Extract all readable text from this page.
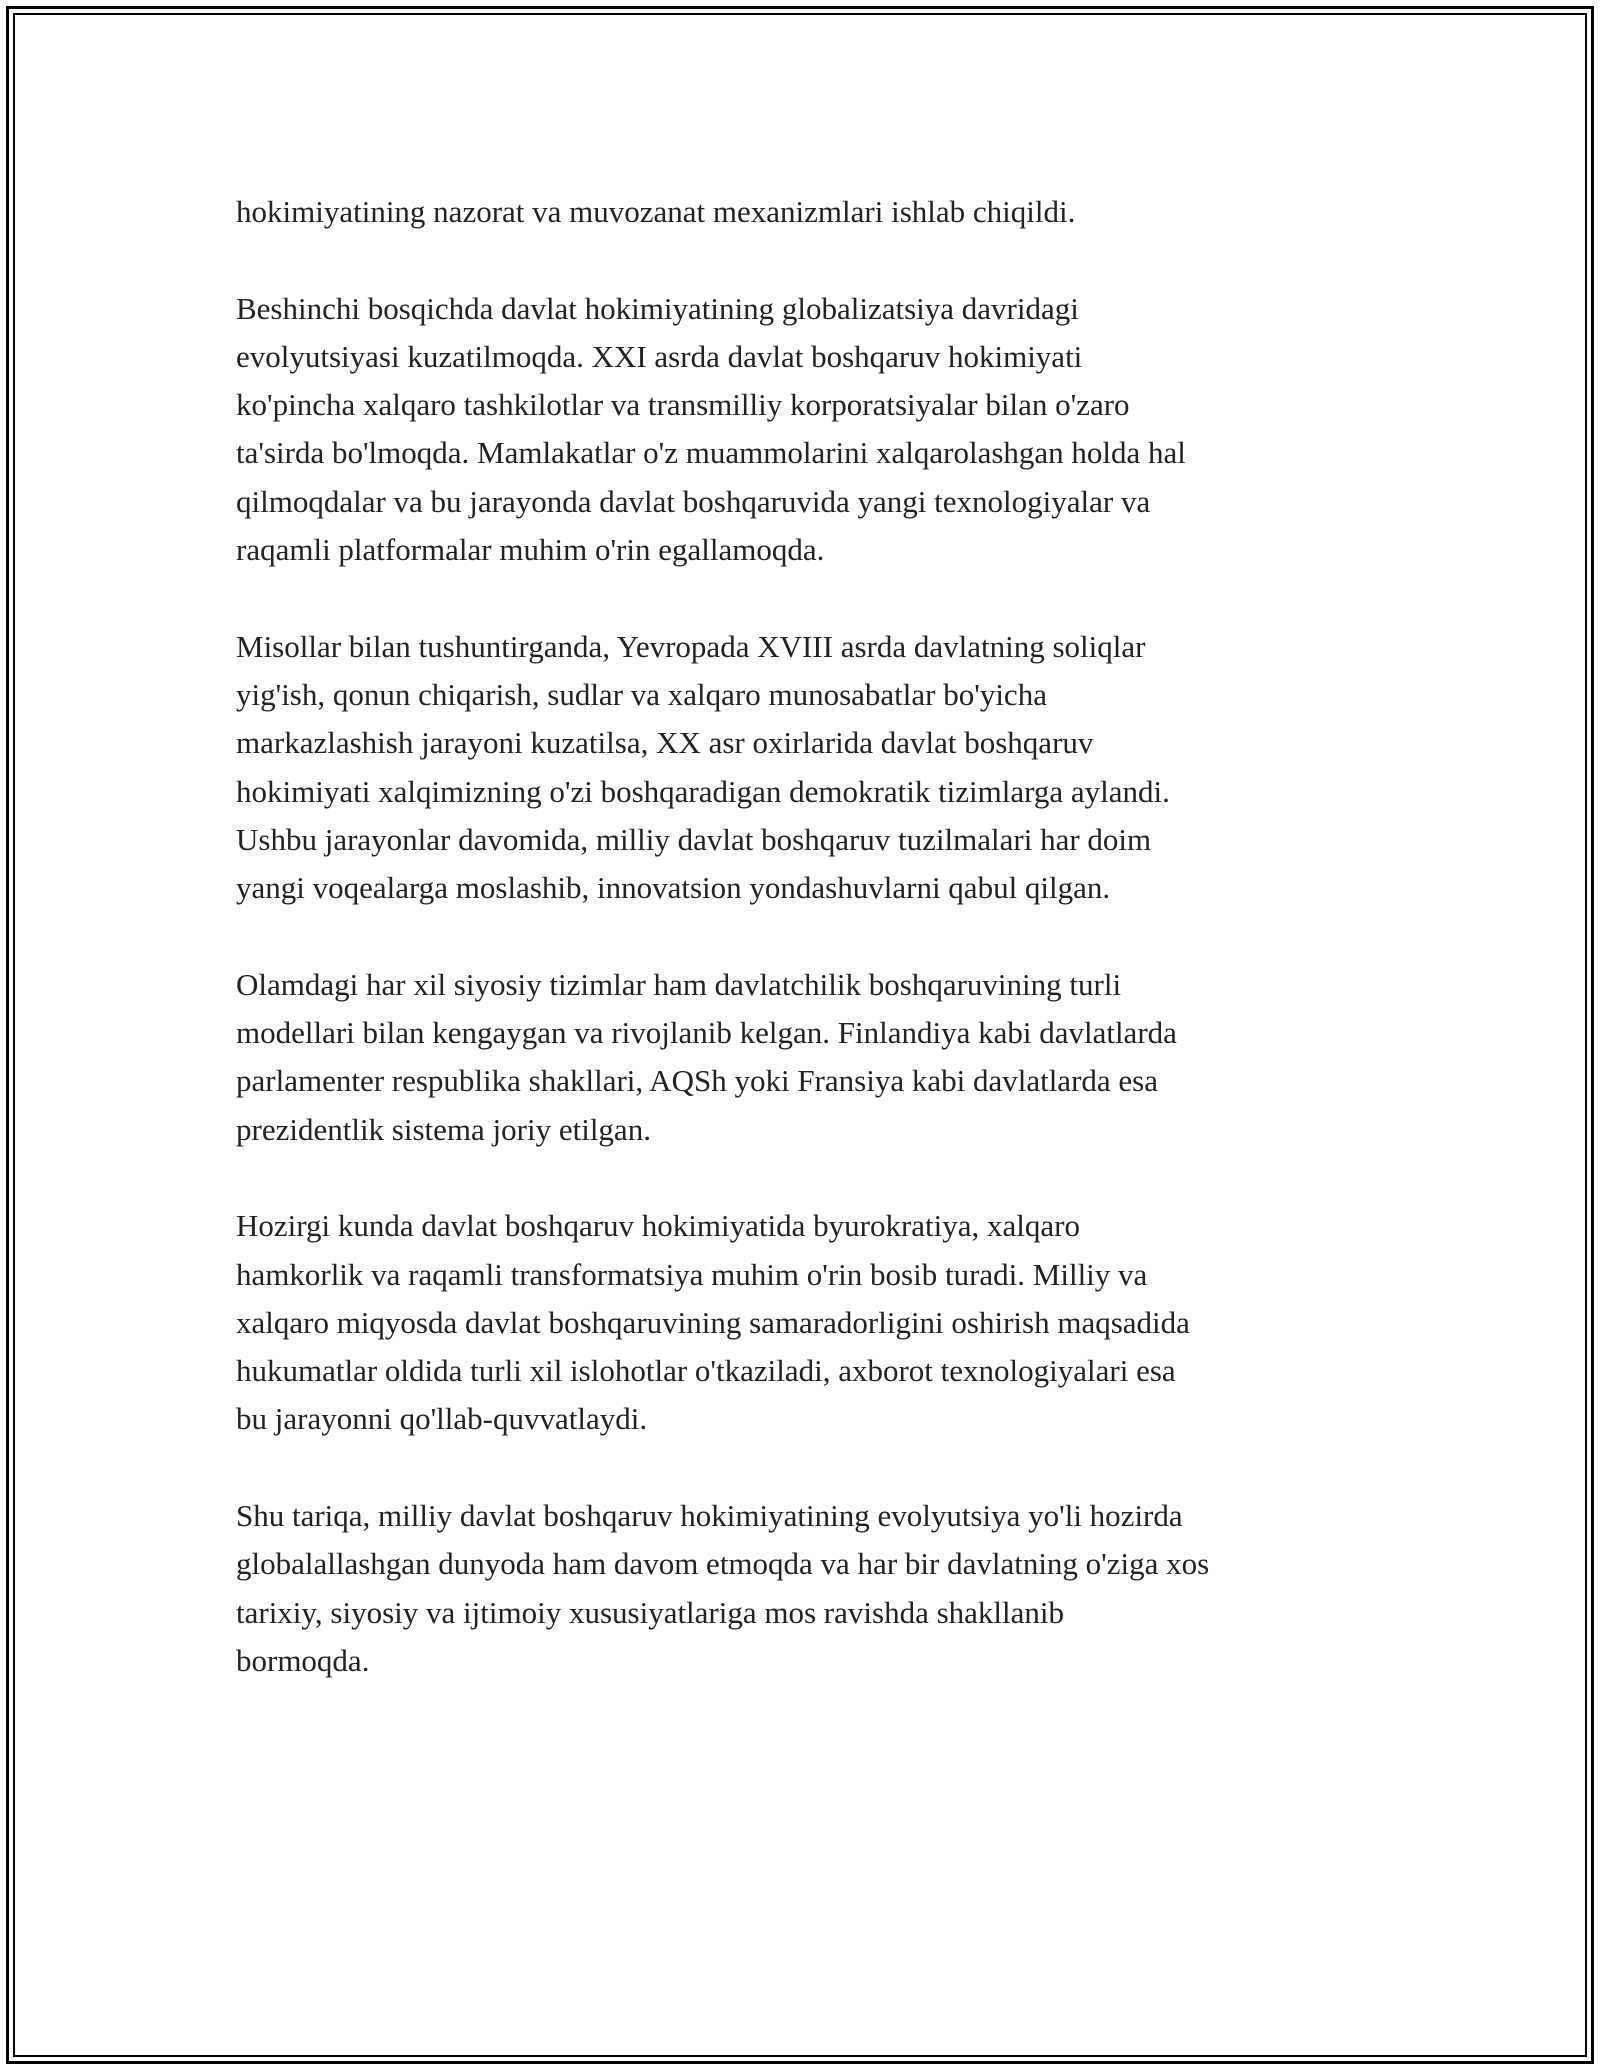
hokimiyatining nazorat va muvozanat mexanizmlari ishlab chiqildi.

Beshinchi bosqichda davlat hokimiyatining globalizatsiya davridagi
evolyutsiyasi kuzatilmoqda. XXI asrda davlat boshqaruv hokimiyati
ko'pincha xalqaro tashkilotlar va transmilliy korporatsiyalar bilan o'zaro
ta'sirda bo'lmoqda. Mamlakatlar o'z muammolarini xalqarolashgan holda hal
qilmoqdalar va bu jarayonda davlat boshqaruvida yangi texnologiyalar va
raqamli platformalar muhim o'rin egallamoqda.

Misollar bilan tushuntirganda, Yevropada XVIII asrda davlatning soliqlar
yig'ish, qonun chiqarish, sudlar va xalqaro munosabatlar bo'yicha
markazlashish jarayoni kuzatilsa, XX asr oxirlarida davlat boshqaruv
hokimiyati xalqimizning o'zi boshqaradigan demokratik tizimlarga aylandi.
Ushbu jarayonlar davomida, milliy davlat boshqaruv tuzilmalari har doim
yangi voqealarga moslashib, innovatsion yondashuvlarni qabul qilgan.

Olamdagi har xil siyosiy tizimlar ham davlatchilik boshqaruvining turli
modellari bilan kengaygan va rivojlanib kelgan. Finlandiya kabi davlatlarda
parlamenter respublika shakllari, AQSh yoki Fransiya kabi davlatlarda esa
prezidentlik sistema joriy etilgan.

Hozirgi kunda davlat boshqaruv hokimiyatida byurokratiya, xalqaro
hamkorlik va raqamli transformatsiya muhim o'rin bosib turadi. Milliy va
xalqaro miqyosda davlat boshqaruvining samaradorligini oshirish maqsadida
hukumatlar oldida turli xil islohotlar o'tkaziladi, axborot texnologiyalari esa
bu jarayonni qo'llab-quvvatlaydi.

Shu tariqa, milliy davlat boshqaruv hokimiyatining evolyutsiya yo'li hozirda
globalallashgan dunyoda ham davom etmoqda va har bir davlatning o'ziga xos
tarixiy, siyosiy va ijtimoiy xususiyatlariga mos ravishda shakllanib
bormoqda.
